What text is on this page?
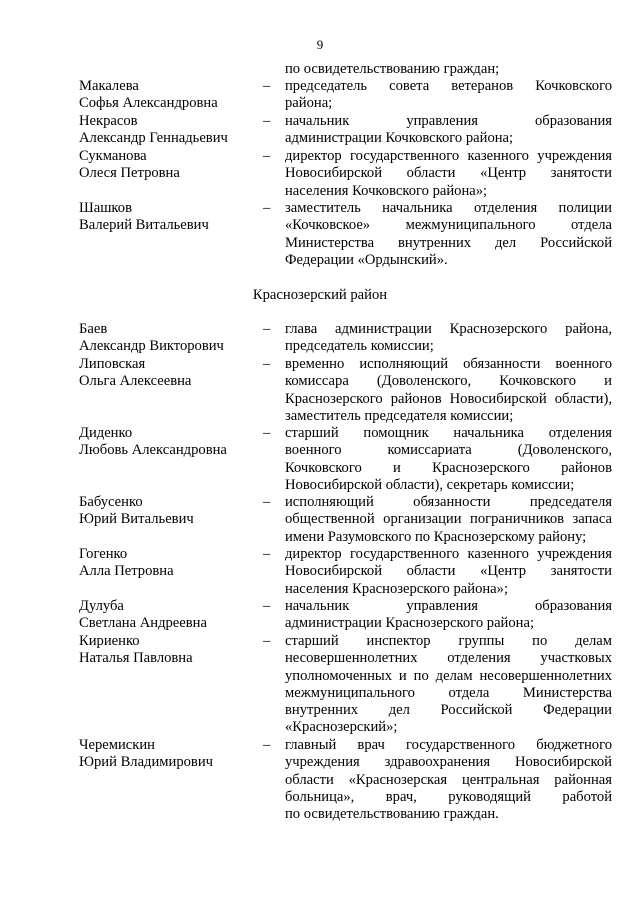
9
по освидетельствованию граждан;
Макалева
Софья Александровна
– председатель совета ветеранов Кочковского
района;
Некрасов
Александр Геннадьевич
– начальник управления образования
администрации Кочковского района;
Сукманова
Олеся Петровна
– директор государственного казенного учреждения
Новосибирской области «Центр занятости
населения Кочковского района»;
Шашков
Валерий Витальевич
– заместитель начальника отделения полиции
«Кочковское» межмуниципального отдела
Министерства внутренних дел Российской
Федерации «Ордынский».
Краснозерский район
Баев
Александр Викторович
– глава администрации Краснозерского района,
председатель комиссии;
Липовская
Ольга Алексеевна
– временно исполняющий обязанности военного
комиссара (Доволенского, Кочковского и
Краснозерского районов Новосибирской области),
заместитель председателя комиссии;
Диденко
Любовь Александровна
– старший помощник начальника отделения
военного комиссариата (Доволенского,
Кочковского и Краснозерского районов
Новосибирской области), секретарь комиссии;
Бабусенко
Юрий Витальевич
– исполняющий обязанности председателя
общественной организации пограничников запаса
имени Разумовского по Краснозерскому району;
Гогенко
Алла Петровна
– директор государственного казенного учреждения
Новосибирской области «Центр занятости
населения Краснозерского района»;
Дулуба
Светлана Андреевна
– начальник управления образования
администрации Краснозерского района;
Кириенко
Наталья Павловна
– старший инспектор группы по делам
несовершеннолетних отделения участковых
уполномоченных и по делам несовершеннолетних
межмуниципального отдела Министерства
внутренних дел Российской Федерации
«Краснозерский»;
Черемискин
Юрий Владимирович
– главный врач государственного бюджетного
учреждения здравоохранения Новосибирской
области «Краснозерская центральная районная
больница», врач, руководящий работой
по освидетельствованию граждан.
